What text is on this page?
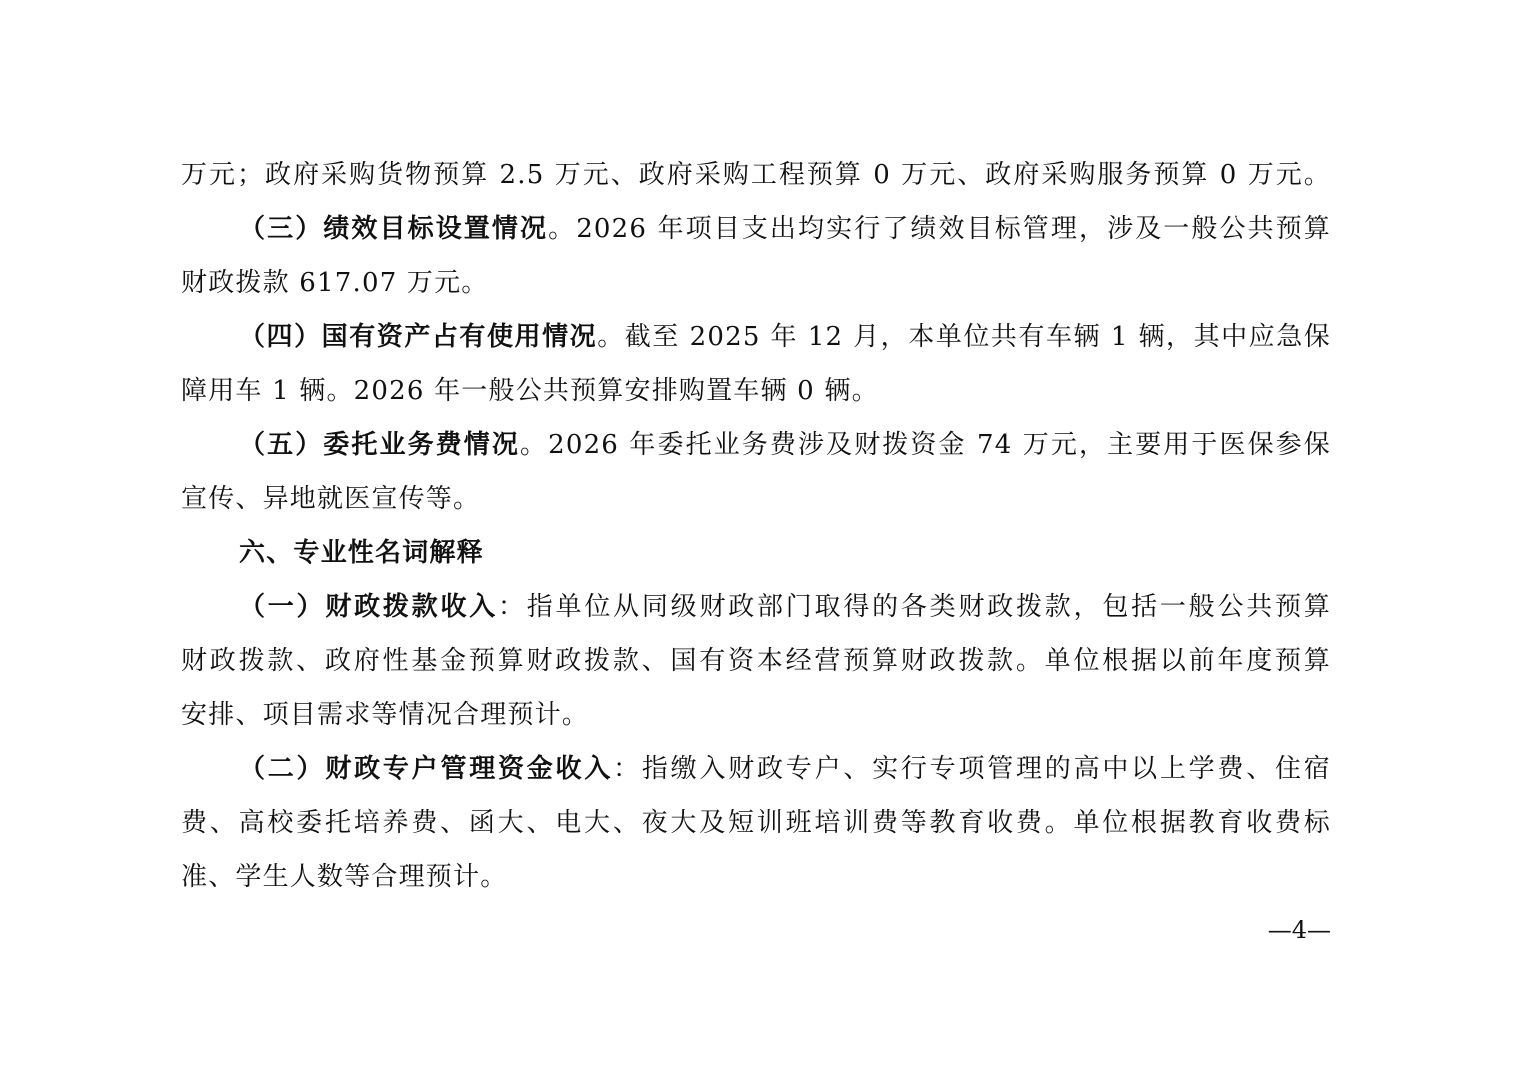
万元；政府采购货物预算 2.5 万元、政府采购工程预算 0 万元、政府采购服务预算 0 万元。
（三）绩效目标设置情况。2026 年项目支出均实行了绩效目标管理，涉及一般公共预算
财政拨款 617.07 万元。
（四）国有资产占有使用情况。截至 2025 年 12 月，本单位共有车辆 1 辆，其中应急保
障用车 1 辆。2026 年一般公共预算安排购置车辆 0 辆。
（五）委托业务费情况。2026 年委托业务费涉及财拨资金 74 万元，主要用于医保参保
宣传、异地就医宣传等。
六、专业性名词解释
（一）财政拨款收入：指单位从同级财政部门取得的各类财政拨款，包括一般公共预算
财政拨款、政府性基金预算财政拨款、国有资本经营预算财政拨款。单位根据以前年度预算
安排、项目需求等情况合理预计。
（二）财政专户管理资金收入：指缴入财政专户、实行专项管理的高中以上学费、住宿
费、高校委托培养费、函大、电大、夜大及短训班培训费等教育收费。单位根据教育收费标
准、学生人数等合理预计。
—4—
